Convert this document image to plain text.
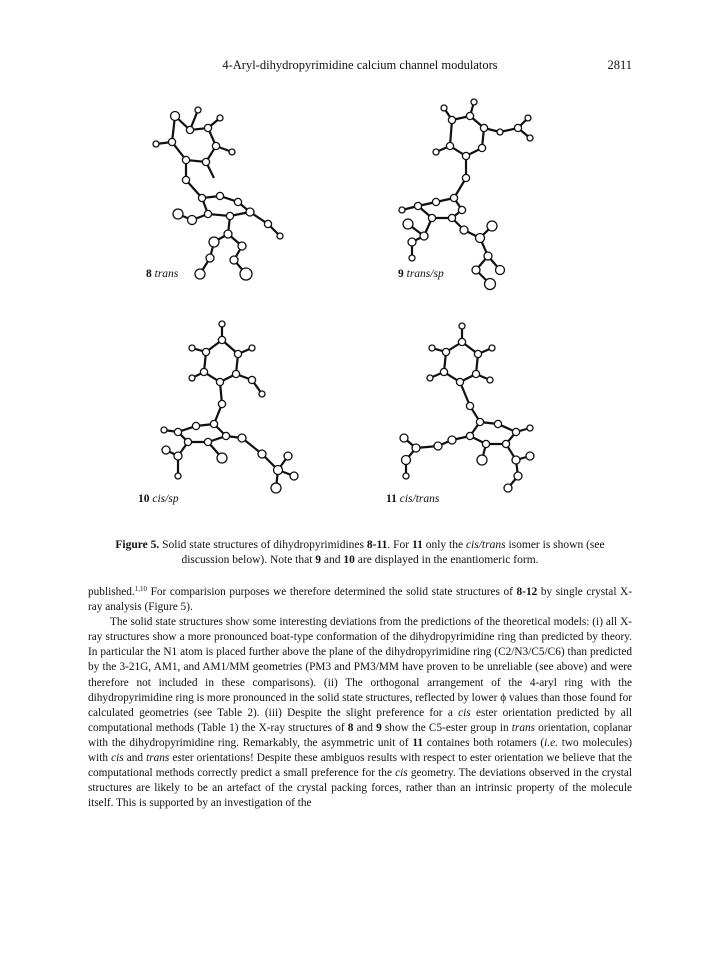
4-Aryl-dihydropyrimidine calcium channel modulators	2811
8 trans	9 trans/sp
10 cis/sp	11 cis/trans
Figure 5. Solid state structures of dihydropyrimidines 8-11. For 11 only the cis/trans isomer is shown (see discussion below). Note that 9 and 10 are displayed in the enantiomeric form.

published.$^{1,10}$ For comparision purposes we therefore determined the solid state structures of 8-12 by single crystal X-ray analysis (Figure 5).

The solid state structures show some interesting deviations from the predictions of the theoretical models: (i) all X-ray structures show a more pronounced boat-type conformation of the dihydropyrimidine ring than predicted by theory. In particular the N1 atom is placed further above the plane of the dihydropyrimidine ring (C2/N3/C5/C6) than predicted by the 3-21G, AM1, and AM1/MM geometries (PM3 and PM3/MM have proven to be unreliable (see above) and were therefore not included in these comparisons). (ii) The orthogonal arrangement of the 4-aryl ring with the dihydropyrimidine ring is more pronounced in the solid state structures, reflected by lower ϕ values than those found for calculated geometries (see Table 2). (iii) Despite the slight preference for a cis ester orientation predicted by all computational methods (Table 1) the X-ray structures of 8 and 9 show the C5-ester group in trans orientation, coplanar with the dihydropyrimidine ring. Remarkably, the asymmetric unit of 11 containes both rotamers (i.e. two molecules) with cis and trans ester orientations! Despite these ambiguos results with respect to ester orientation we believe that the computational methods correctly predict a small preference for the cis geometry. The deviations observed in the crystal structures are likely to be an artefact of the crystal packing forces, rather than an intrinsic property of the molecule itself. This is supported by an investigation of the
